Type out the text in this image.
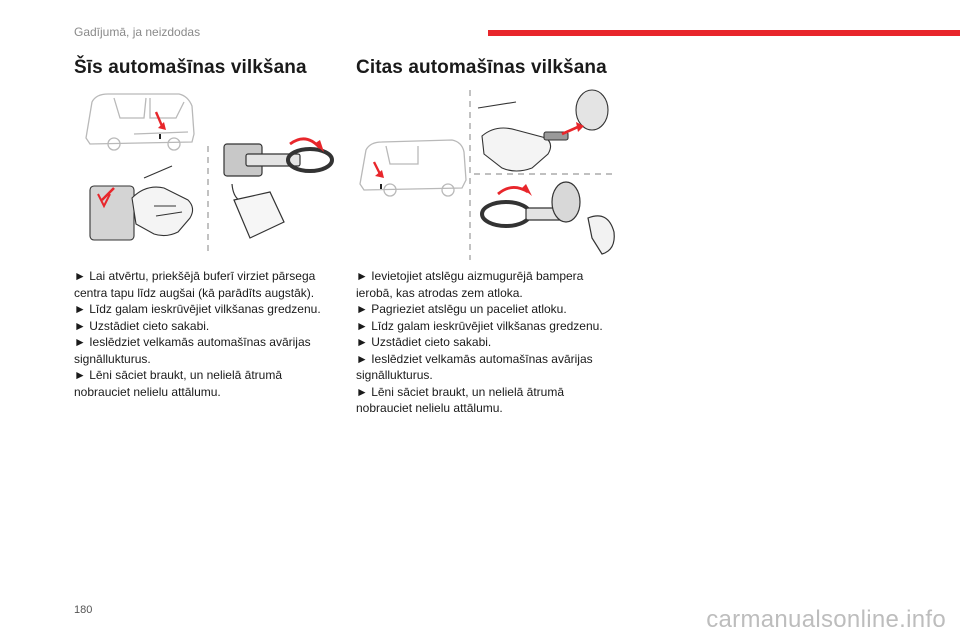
Gadījumā, ja neizdodas
Šīs automašīnas vilkšana
► Lai atvērtu, priekšējā buferī virziet pārsega
centra tapu līdz augšai (kā parādīts augstāk).
► Līdz galam ieskrūvējiet vilkšanas gredzenu.
► Uzstādiet cieto sakabi.
► Ieslēdziet velkamās automašīnas avārijas
signāllukturus.
► Lēni sāciet braukt, un nelielā ātrumā
nobrauciet nelielu attālumu.
Citas automašīnas vilkšana
► Ievietojiet atslēgu aizmugurējā bampera
ierobā, kas atrodas zem atloka.
► Pagrieziet atslēgu un paceliet atloku.
► Līdz galam ieskrūvējiet vilkšanas gredzenu.
► Uzstādiet cieto sakabi.
► Ieslēdziet velkamās automašīnas avārijas
signāllukturus.
► Lēni sāciet braukt, un nelielā ātrumā
nobrauciet nelielu attālumu.
180	carmanualsonline.info
